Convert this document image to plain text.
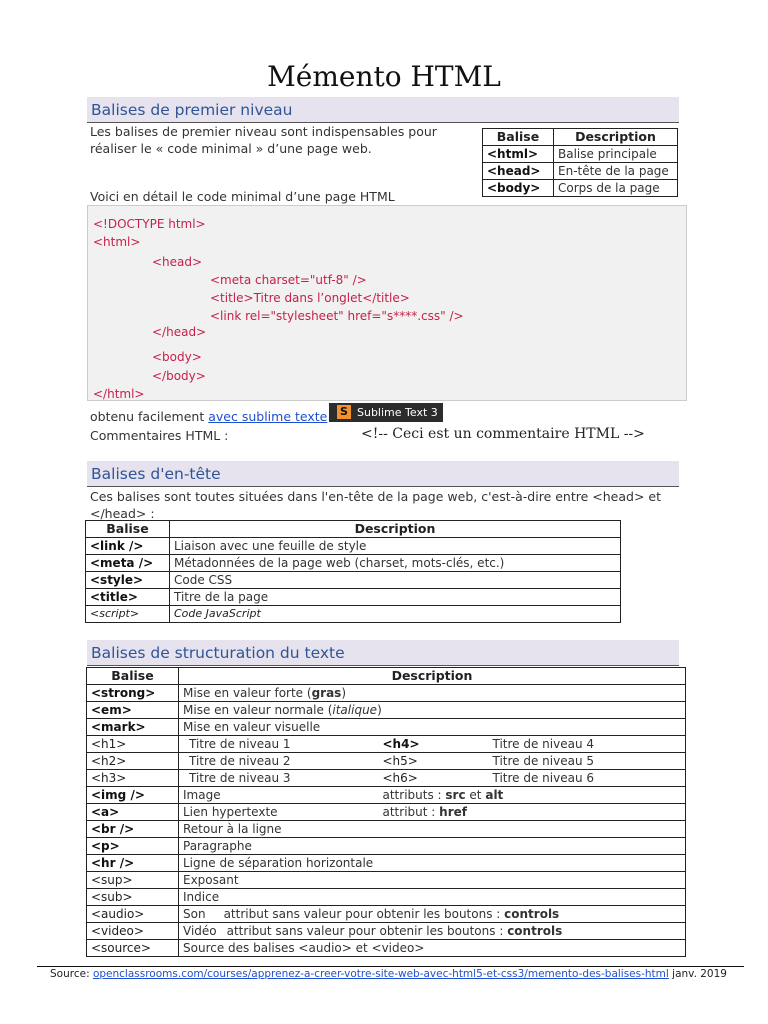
Mémento HTML
Balises de premier niveau
Les balises de premier niveau sont indispensables pour
réaliser le « code minimal » d’une page web.
Balise	Description
<html>	Balise principale
<head>	En-tête de la page
<body>	Corps de la page
Voici en détail le code minimal d’une page HTML
<!DOCTYPE html>
<html>
<head>
<meta charset="utf-8" />
<title>Titre dans l’onglet</title>
<link rel="stylesheet" href="s****.css" />
</head>
<body>
</body>
</html>
obtenu facilement avec sublime texte	S Sublime Text 3
Commentaires HTML :	<!-- Ceci est un commentaire HTML -->
Balises d'en-tête
Ces balises sont toutes situées dans l'en-tête de la page web, c'est-à-dire entre <head> et
</head> :
Balise	Description
<link />	Liaison avec une feuille de style
<meta />	Métadonnées de la page web (charset, mots-clés, etc.)
<style>	Code CSS
<title>	Titre de la page
<script>	Code JavaScript
Balises de structuration du texte
Balise	Description		
<strong>	Mise en valeur forte (gras)		
<em>	Mise en valeur normale (italique)		
<mark>	Mise en valeur visuelle		
<h1>	Titre de niveau 1	<h4>	Titre de niveau 4
<h2>	Titre de niveau 2	<h5>	Titre de niveau 5
<h3>	Titre de niveau 3	<h6>	Titre de niveau 6
<img />	Image	attributs : src et alt	
<a>	Lien hypertexte	attribut : href	
<br />	Retour à la ligne		
<p>	Paragraphe		
<hr />	Ligne de séparation horizontale		
<sup>	Exposant		
<sub>	Indice		
<audio>	Son attribut sans valeur pour obtenir les boutons : controls		
<video>	Vidéo attribut sans valeur pour obtenir les boutons : controls		
<source>	Source des balises <audio> et <video>		
Source: openclassrooms.com/courses/apprenez-a-creer-votre-site-web-avec-html5-et-css3/memento-des-balises-html janv. 2019
